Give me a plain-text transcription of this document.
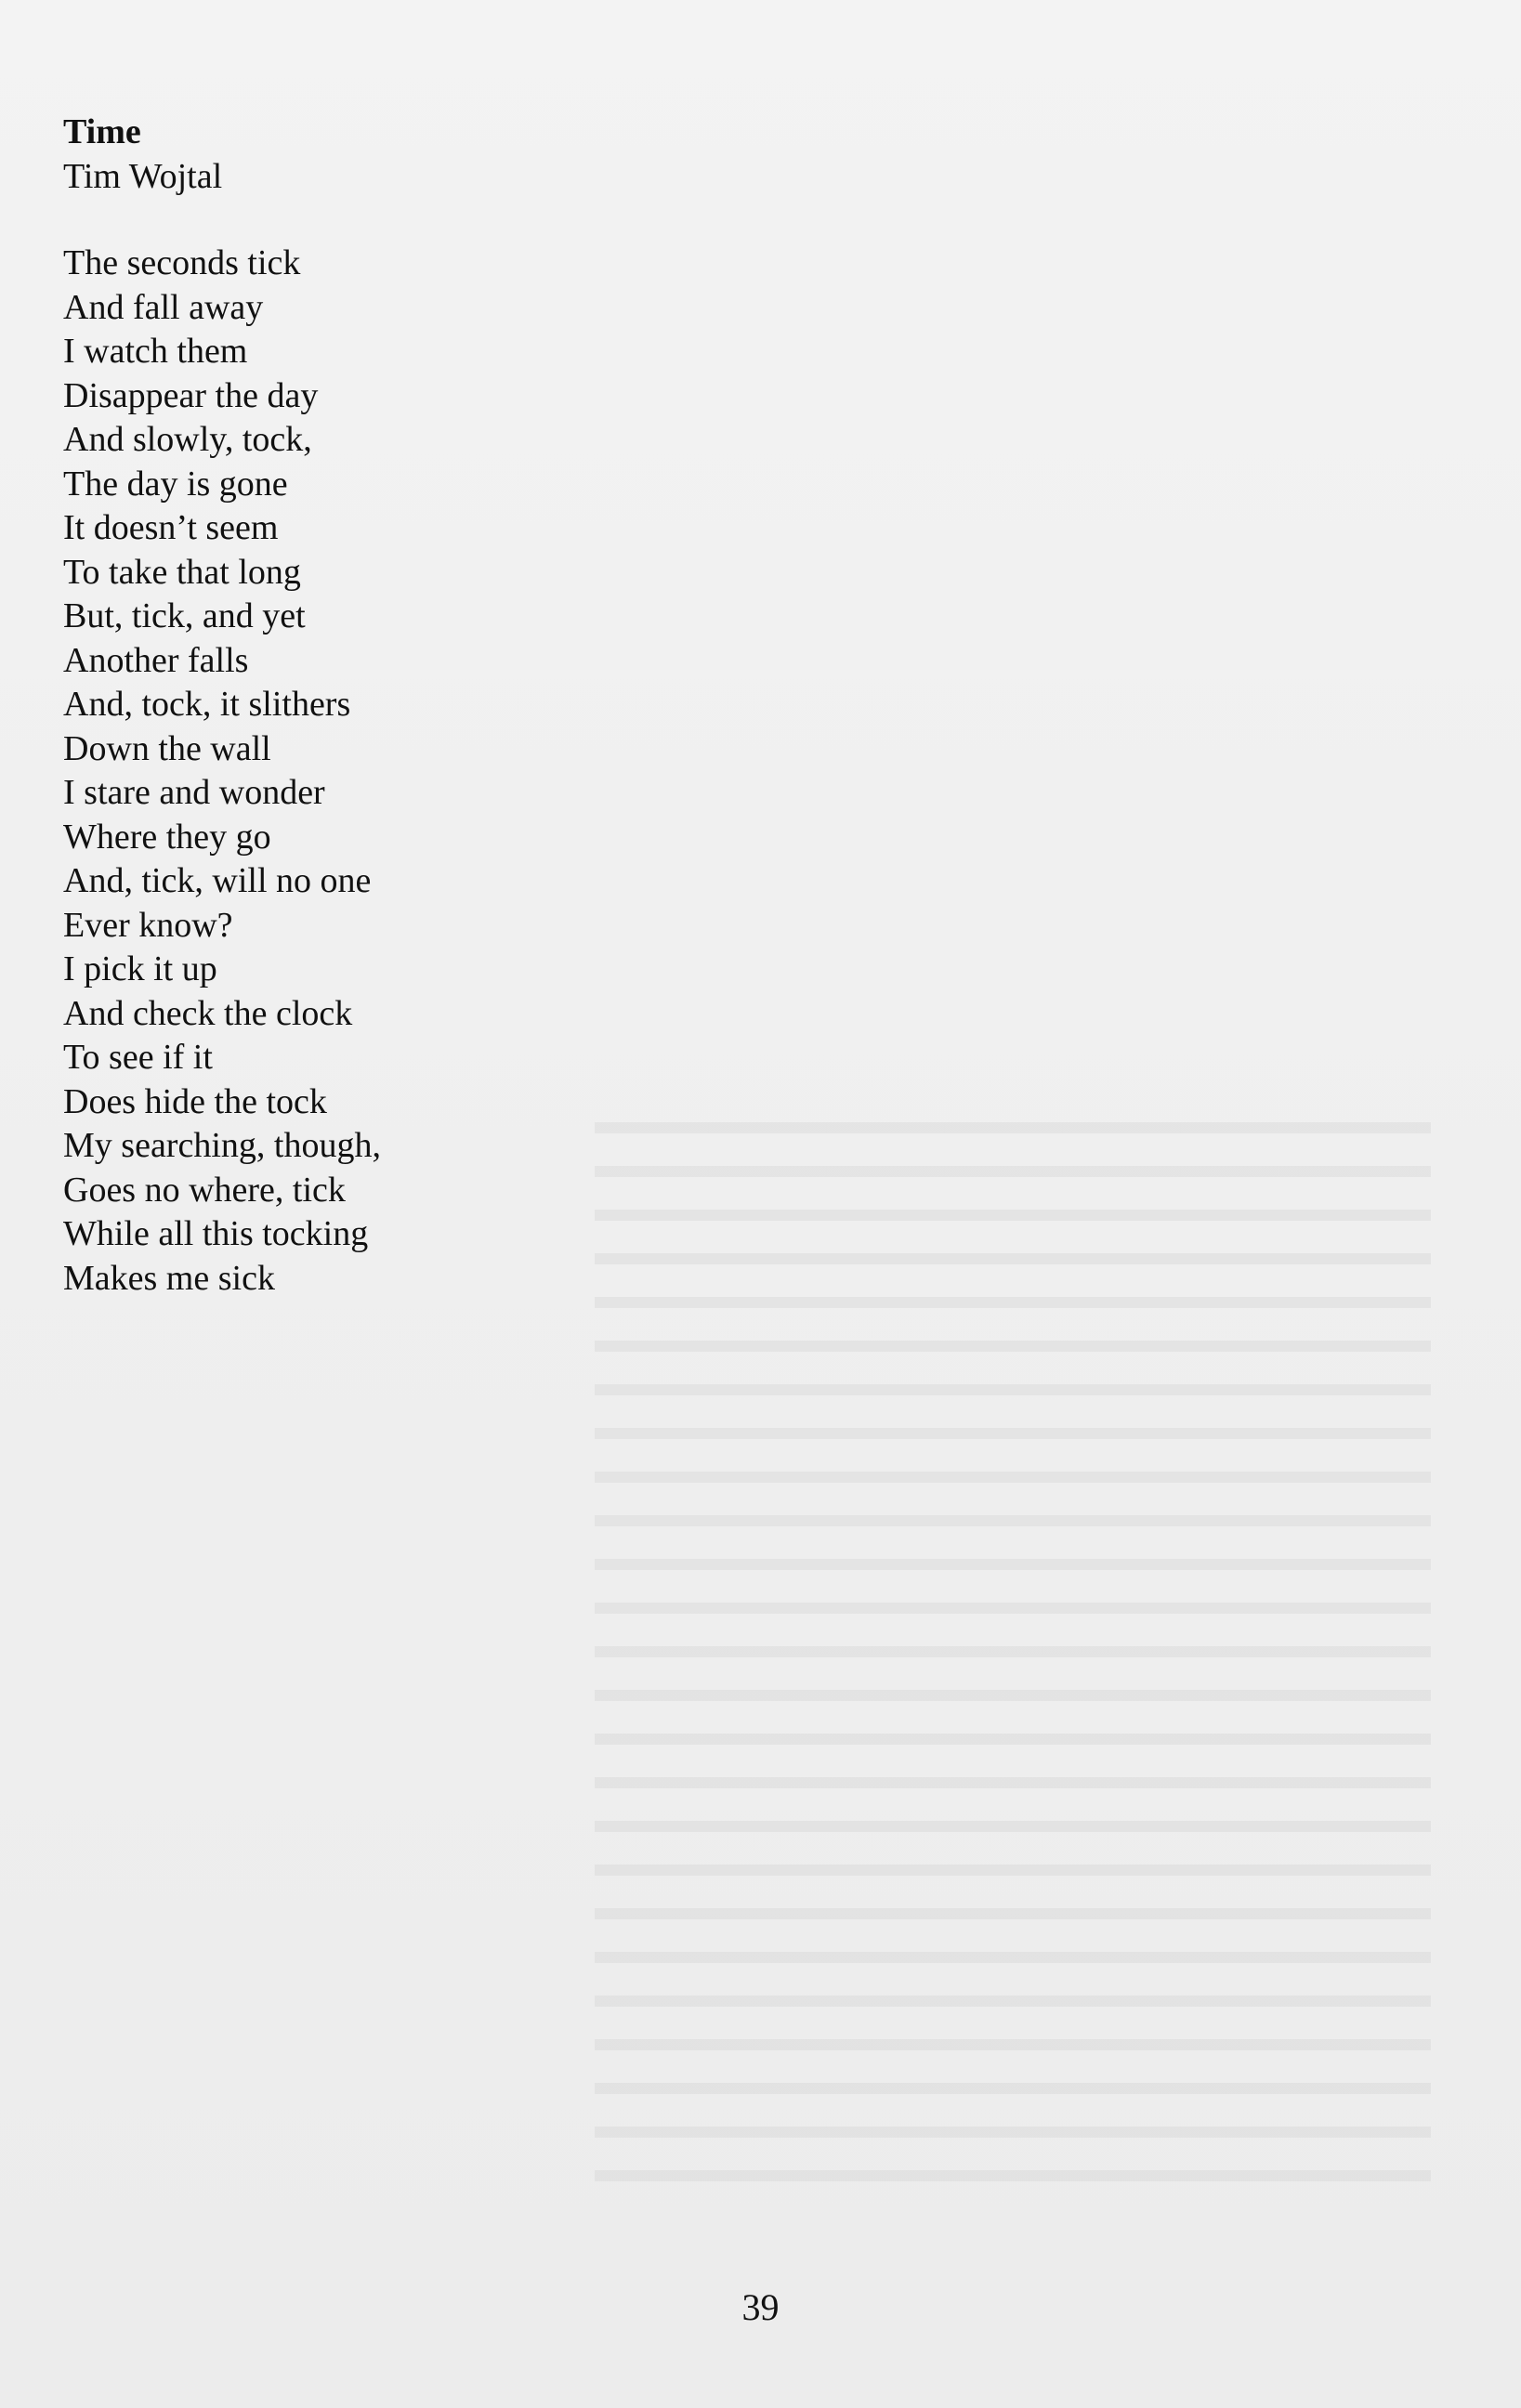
Time
Tim Wojtal
The seconds tick
And fall away
I watch them
Disappear the day
And slowly, tock,
The day is gone
It doesn’t seem
To take that long
But, tick, and yet
Another falls
And, tock, it slithers
Down the wall
I stare and wonder
Where they go
And, tick, will no one
Ever know?
I pick it up
And check the clock
To see if it
Does hide the tock
My searching, though,
Goes no where, tick
While all this tocking
Makes me sick
39
